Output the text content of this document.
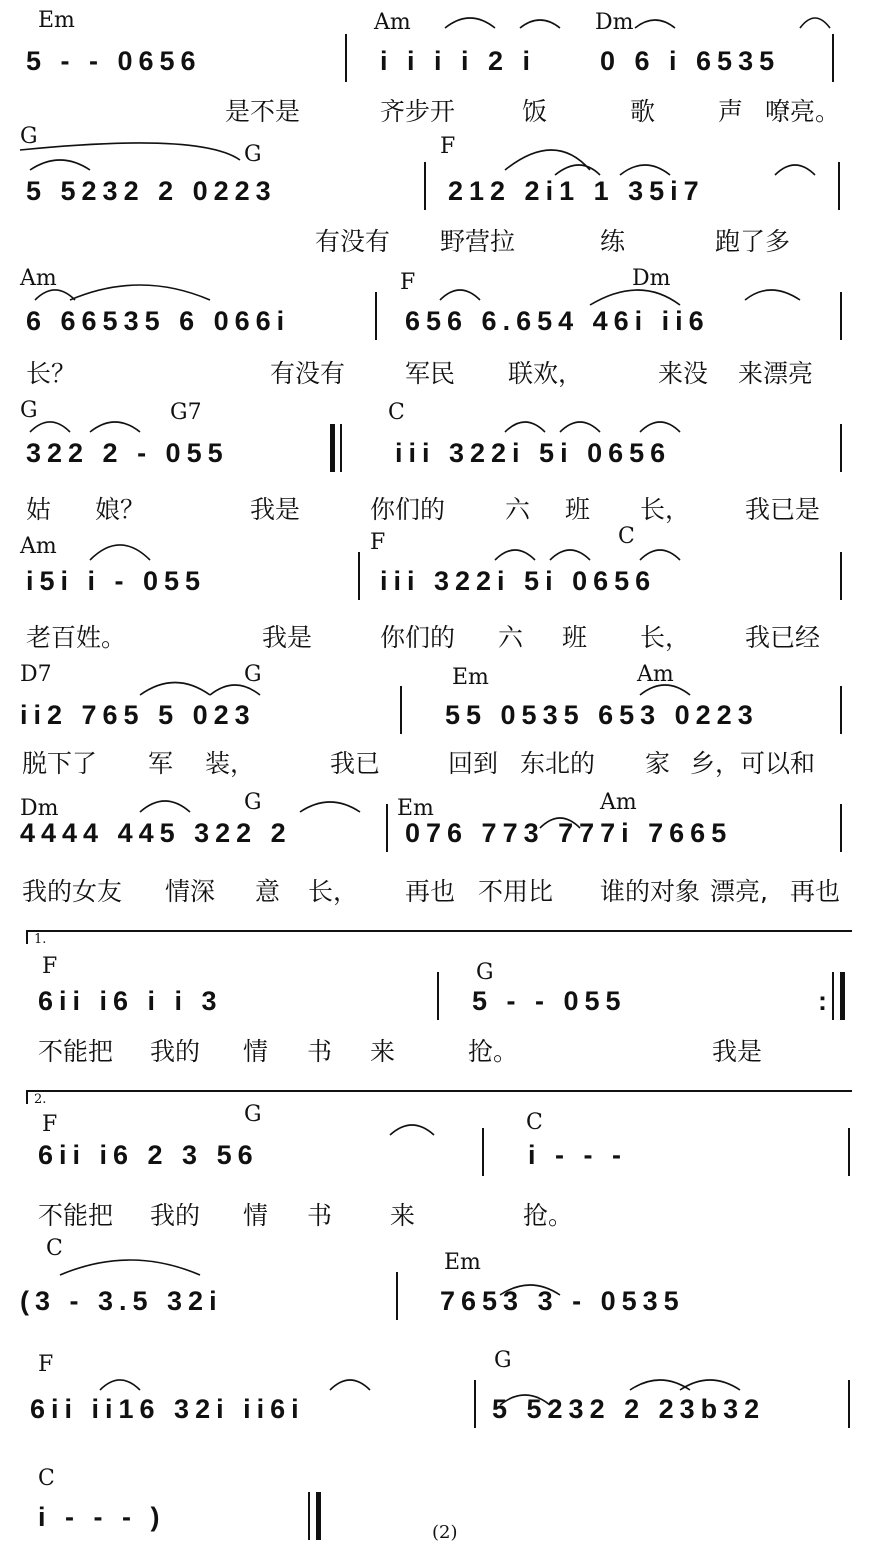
Em	Am	Dm
5 - - 0656	i i i i 2 i 0 6 i 6535
是不是	齐步开	饭	歌	声 嘹亮。
G
G	F
5 5232 2 0223	212 2i1 1 35i7
有没有 野营拉	练	跑了多
Am	F	Dm
6 66535 6 066i	656 6.654 46i ii6
长？	有没有 军民 联欢，	来没 来漂亮
G	G7	C
322 2 - 055	iii 322i 5i 0656
姑 娘？	我是	你们的 六 班 长， 我已是
Am	F	C
i5i i - 055	iii 322i 5i 0656
老百姓。	我是	你们的 六 班 长， 我已经
D7	G	Em	Am
ii2 765 5 023	55 0535 653 0223
脱下了 军 装，	我已	回到 东北的 家 乡， 可以和
Dm	G	Em	Am
4444 445 322 2	076 773 777i 7665
我的女友 情深 意 长， 再也 不用比 谁的对象 漂亮, 再也
1.
F	G
6ii i6 i i 3	5 - - 055	:
不能把 我的 情 书 来	抢。	我是
2.
F	G	C
6ii i6 2 3 56	i - - -
不能把 我的 情 书 来	抢。
C
Em
(3 - 3.5 32i	7653 3 - 0535
F	G
6ii ii16 32i ii6i	5 5232 2 23b32
C
i - - - )
(2)
